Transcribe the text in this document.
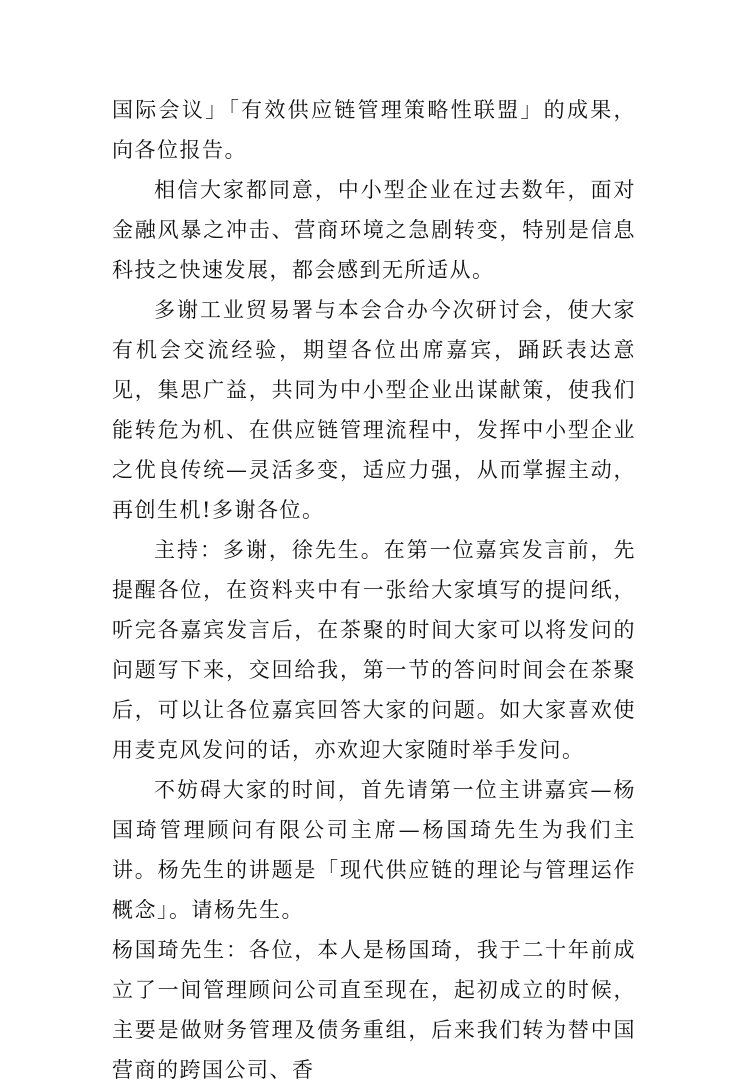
国际会议」「有效供应链管理策略性联盟」的成果，向各位报告。

相信大家都同意，中小型企业在过去数年，面对金融风暴之冲击、营商环境之急剧转变，特别是信息科技之快速发展，都会感到无所适从。

多谢工业贸易署与本会合办今次研讨会，使大家有机会交流经验，期望各位出席嘉宾，踊跃表达意见，集思广益，共同为中小型企业出谋献策，使我们能转危为机、在供应链管理流程中，发挥中小型企业之优良传统—灵活多变，适应力强，从而掌握主动，再创生机!多谢各位。

主持：多谢，徐先生。在第一位嘉宾发言前，先提醒各位，在资料夹中有一张给大家填写的提问纸，听完各嘉宾发言后，在茶聚的时间大家可以将发问的问题写下来，交回给我，第一节的答问时间会在茶聚后，可以让各位嘉宾回答大家的问题。如大家喜欢使用麦克风发问的话，亦欢迎大家随时举手发问。

不妨碍大家的时间，首先请第一位主讲嘉宾—杨国琦管理顾问有限公司主席—杨国琦先生为我们主讲。杨先生的讲题是「现代供应链的理论与管理运作概念」。请杨先生。

杨国琦先生：各位，本人是杨国琦，我于二十年前成立了一间管理顾问公司直至现在，起初成立的时候，主要是做财务管理及债务重组，后来我们转为替中国营商的跨国公司、香
